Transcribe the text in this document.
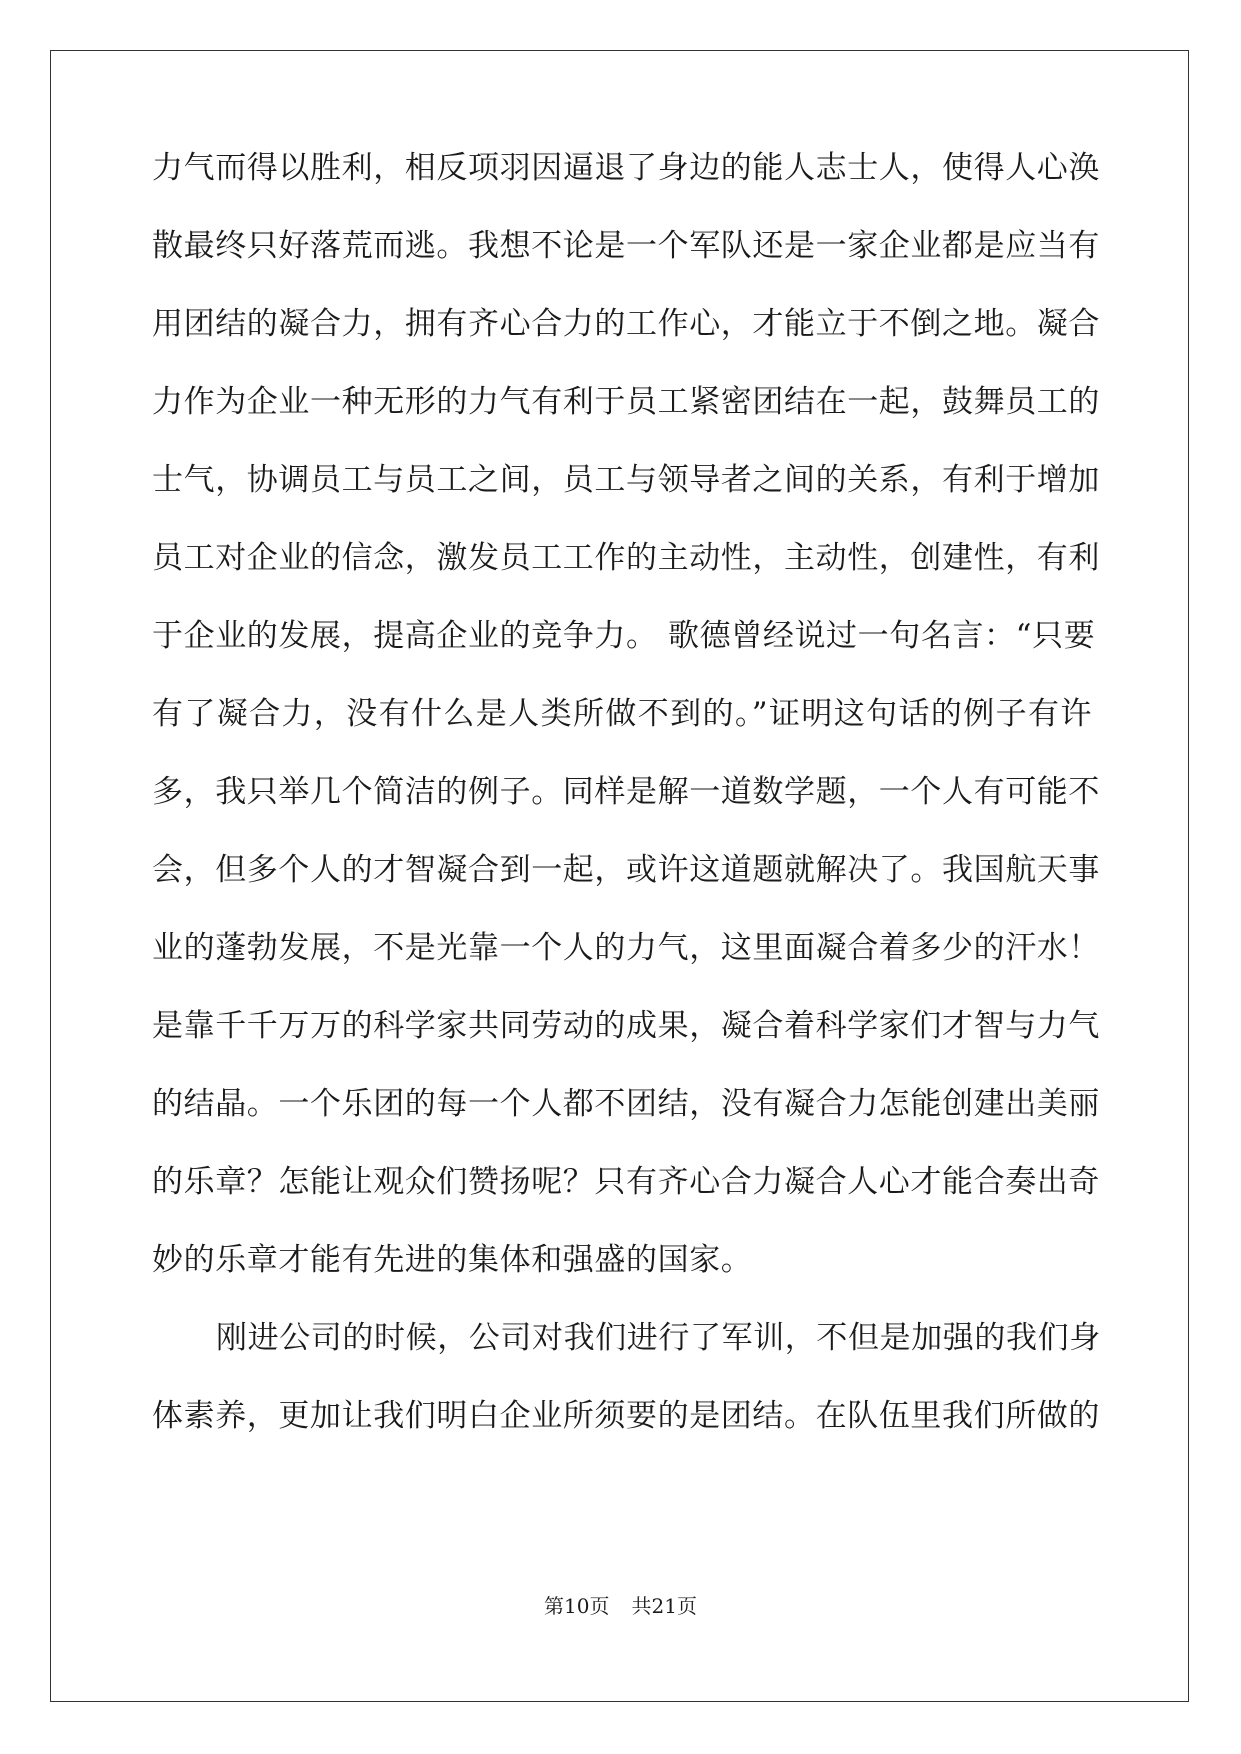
力气而得以胜利，相反项羽因逼退了身边的能人志士人，使得人心涣
散最终只好落荒而逃。我想不论是一个军队还是一家企业都是应当有
用团结的凝合力，拥有齐心合力的工作心，才能立于不倒之地。凝合
力作为企业一种无形的力气有利于员工紧密团结在一起，鼓舞员工的
士气，协调员工与员工之间，员工与领导者之间的关系，有利于增加
员工对企业的信念，激发员工工作的主动性，主动性，创建性，有利
于企业的发展，提高企业的竞争力。 歌德曾经说过一句名言：“只要
有了凝合力，没有什么是人类所做不到的。”证明这句话的例子有许
多，我只举几个简洁的例子。同样是解一道数学题，一个人有可能不
会，但多个人的才智凝合到一起，或许这道题就解决了。我国航天事
业的蓬勃发展，不是光靠一个人的力气，这里面凝合着多少的汗水！
是靠千千万万的科学家共同劳动的成果，凝合着科学家们才智与力气
的结晶。一个乐团的每一个人都不团结，没有凝合力怎能创建出美丽
的乐章？怎能让观众们赞扬呢？只有齐心合力凝合人心才能合奏出奇
妙的乐章才能有先进的集体和强盛的国家。
刚进公司的时候，公司对我们进行了军训，不但是加强的我们身
体素养，更加让我们明白企业所须要的是团结。在队伍里我们所做的
第10页 共21页
